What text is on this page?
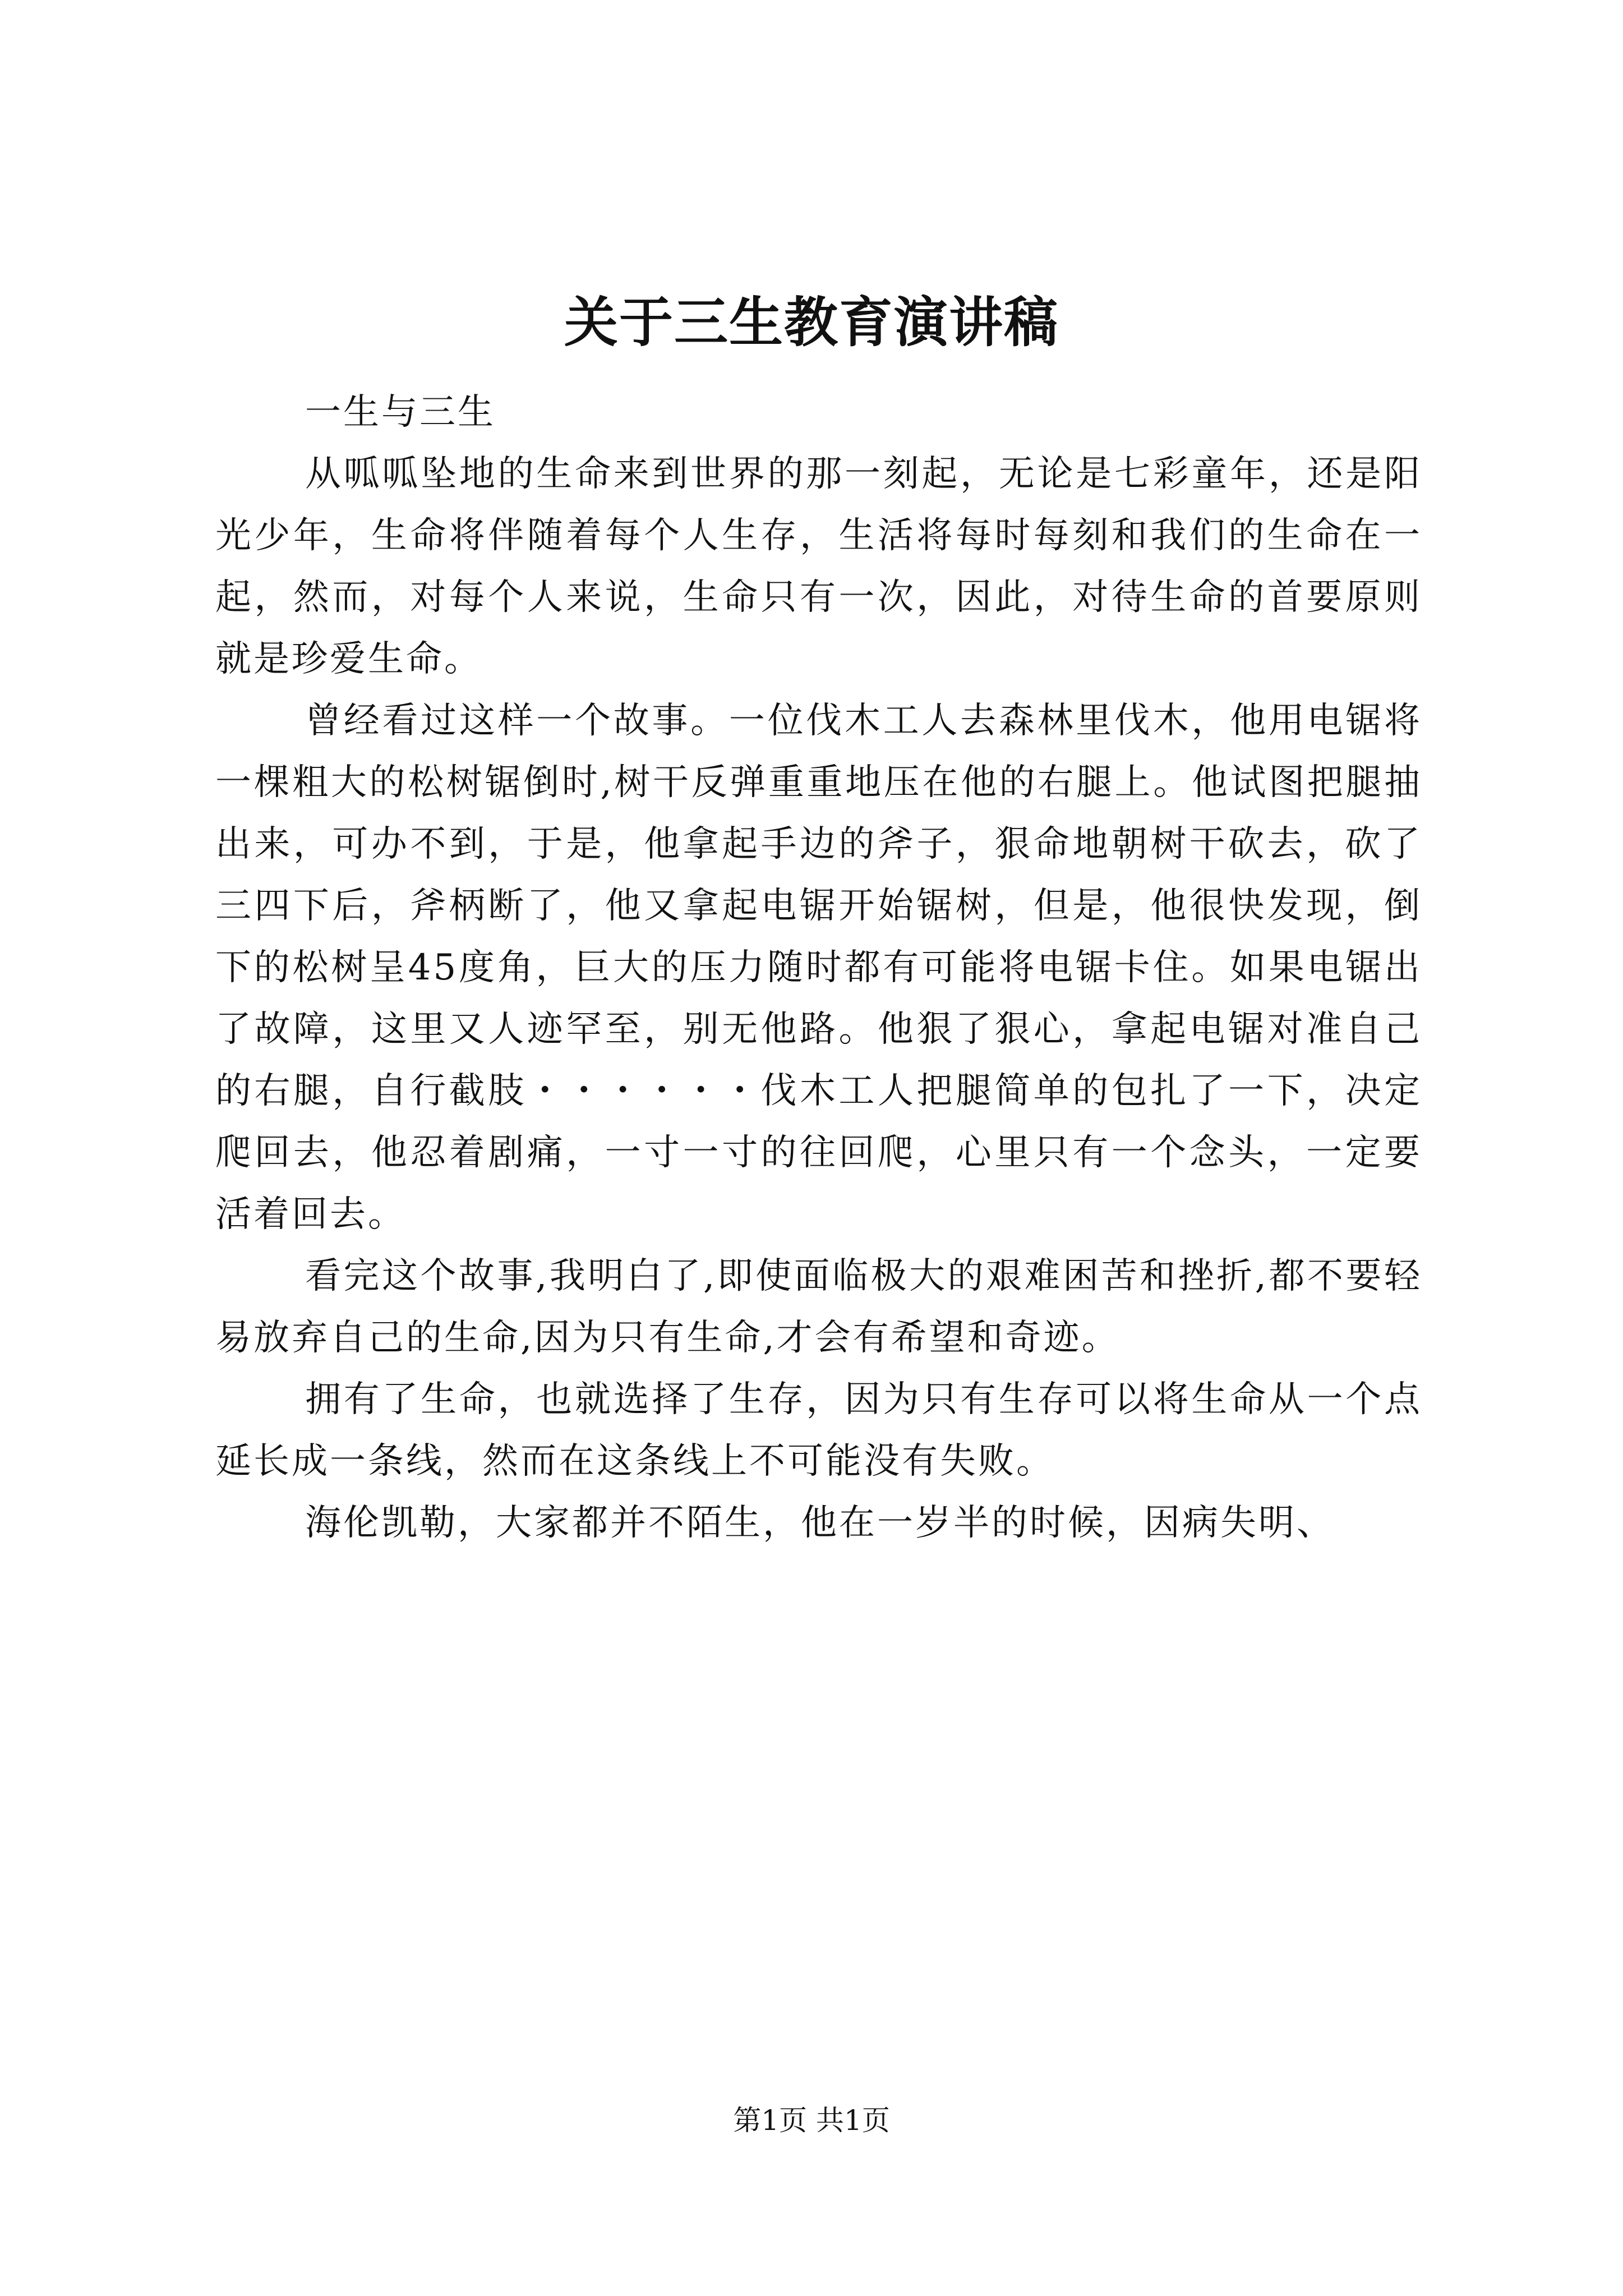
关于三生教育演讲稿

一生与三生

从呱呱坠地的生命来到世界的那一刻起，无论是七彩童年，还是阳光少年，生命将伴随着每个人生存，生活将每时每刻和我们的生命在一起，然而，对每个人来说，生命只有一次，因此，对待生命的首要原则就是珍爱生命。

曾经看过这样一个故事。一位伐木工人去森林里伐木，他用电锯将一棵粗大的松树锯倒时,树干反弹重重地压在他的右腿上。他试图把腿抽出来，可办不到，于是，他拿起手边的斧子，狠命地朝树干砍去，砍了三四下后，斧柄断了，他又拿起电锯开始锯树，但是，他很快发现，倒下的松树呈45度角，巨大的压力随时都有可能将电锯卡住。如果电锯出了故障，这里又人迹罕至，别无他路。他狠了狠心，拿起电锯对准自己的右腿，自行截肢・・・・・・伐木工人把腿简单的包扎了一下，决定爬回去，他忍着剧痛，一寸一寸的往回爬，心里只有一个念头，一定要活着回去。

看完这个故事,我明白了,即使面临极大的艰难困苦和挫折,都不要轻易放弃自己的生命,因为只有生命,才会有希望和奇迹。

拥有了生命，也就选择了生存，因为只有生存可以将生命从一个点延长成一条线，然而在这条线上不可能没有失败。

海伦凯勒，大家都并不陌生，他在一岁半的时候，因病失明、

第1页 共1页
